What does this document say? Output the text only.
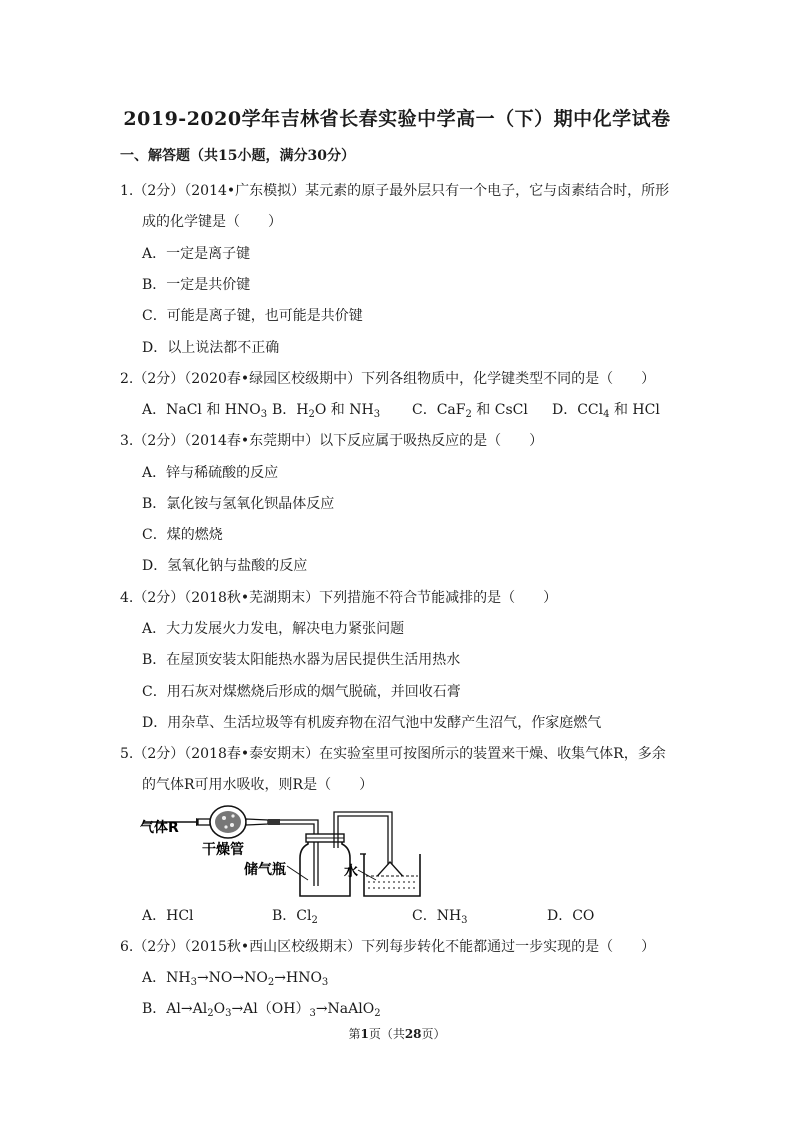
2019-2020学年吉林省长春实验中学高一（下）期中化学试卷
一、解答题（共15小题，满分30分）
1.（2分）（2014•广东模拟）某元素的原子最外层只有一个电子，它与卤素结合时，所形
成的化学键是（　　）
A．一定是离子键
B．一定是共价键
C．可能是离子键，也可能是共价键
D．以上说法都不正确
2.（2分）（2020春•绿园区校级期中）下列各组物质中，化学键类型不同的是（　　）
A．NaCl 和 $HNO_3$ B．$H_2O$ 和 $NH_3$ C．CaF$_2$ 和 CsCl D．CCl$_4$ 和 HCl
3.（2分）（2014春•东莞期中）以下反应属于吸热反应的是（　　）
A．锌与稀硫酸的反应
B．氯化铵与氢氧化钡晶体反应
C．煤的燃烧
D．氢氧化钠与盐酸的反应
4.（2分）（2018秋•芜湖期末）下列措施不符合节能减排的是（　　）
A．大力发展火力发电，解决电力紧张问题
B．在屋顶安装太阳能热水器为居民提供生活用热水
C．用石灰对煤燃烧后形成的烟气脱硫，并回收石膏
D．用杂草、生活垃圾等有机废弃物在沼气池中发酵产生沼气，作家庭燃气
5.（2分）（2018春•泰安期末）在实验室里可按图所示的装置来干燥、收集气体R，多余
的气体R可用水吸收，则R是（　　）
气体R
干燥管
储气瓶	水
A．HCl	B．$Cl_2$	C．$NH_3$	D．CO
6.（2分）（2015秋•西山区校级期末）下列每步转化不能都通过一步实现的是（　　）
A．$NH_3\to NO\to NO_2\to HNO_3$
B．$Al\to Al_2O_3\to Al(OH)_3\to NaAlO_2$
第1页（共28页）
